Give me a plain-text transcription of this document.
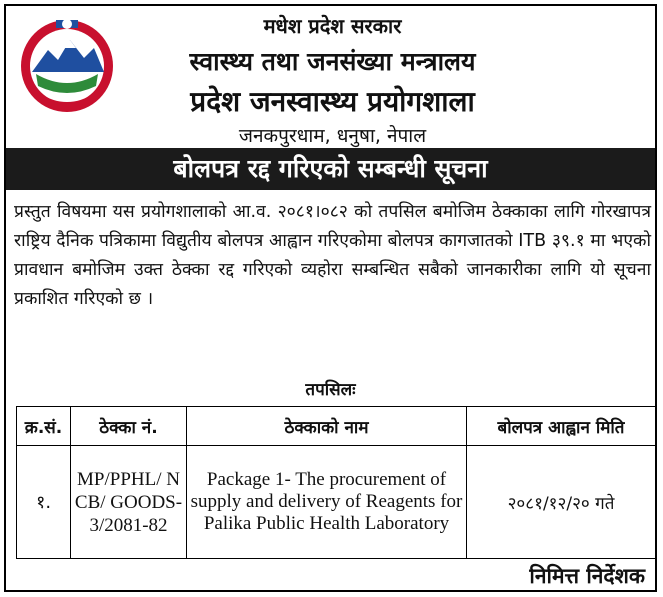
मधेश प्रदेश सरकार
स्वास्थ्य तथा जनसंख्या मन्त्रालय
प्रदेश जनस्वास्थ्य प्रयोगशाला
जनकपुरधाम, धनुषा, नेपाल
बोलपत्र रद्द गरिएको सम्बन्धी सूचना
प्रस्तुत विषयमा यस प्रयोगशालाको आ.व. २०८१।०८२ को तपसिल बमोजिम ठेक्काका लागि गोरखापत्र राष्ट्रिय दैनिक पत्रिकामा विद्युतीय बोलपत्र आह्वान गरिएकोमा बोलपत्र कागजातको ITB ३९.१ मा भएको प्रावधान बमोजिम उक्त ठेक्का रद्द गरिएको व्यहोरा सम्बन्धित सबैको जानकारीका लागि यो सूचना प्रकाशित गरिएको छ ।
तपसिलः
क्र.सं.	ठेक्का नं.	ठेक्काको नाम	बोलपत्र आह्वान मिति
१.	MP/PPHL/ NCB/ GOODS- 3/2081-82	Package 1- The procurement of supply and delivery of Reagents for Palika Public Health Laboratory	२०८१/१२/२० गते
निमित्त निर्देशक
